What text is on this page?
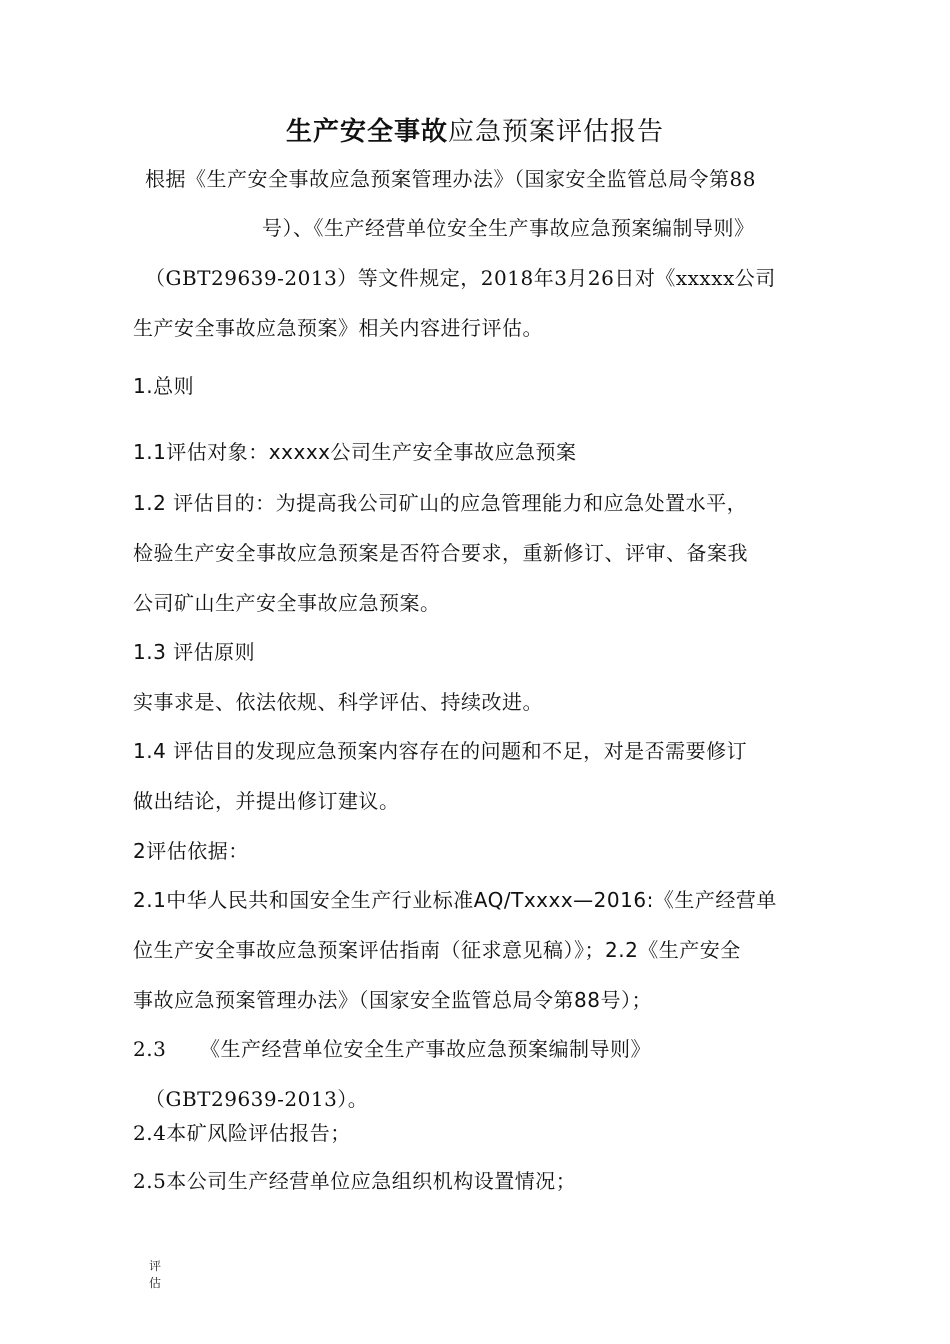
生产安全事故应急预案评估报告
根据《生产安全事故应急预案管理办法》（国家安全监管总局令第88
号）、《生产经营单位安全生产事故应急预案编制导则》
（GBT29639-2013）等文件规定，2018年3月26日对《xxxxx公司
生产安全事故应急预案》相关内容进行评估。
1.总则
1.1评估对象：xxxxx公司生产安全事故应急预案
1.2 评估目的：为提高我公司矿山的应急管理能力和应急处置水平，
检验生产安全事故应急预案是否符合要求，重新修订、评审、备案我
公司矿山生产安全事故应急预案。
1.3 评估原则
实事求是、依法依规、科学评估、持续改进。
1.4 评估目的发现应急预案内容存在的问题和不足，对是否需要修订
做出结论，并提出修订建议。
2评估依据：
2.1中华人民共和国安全生产行业标准AQ/Txxxx—2016:《生产经营单
位生产安全事故应急预案评估指南（征求意见稿）》；2.2《生产安全
事故应急预案管理办法》（国家安全监管总局令第88号）；
2.3 《生产经营单位安全生产事故应急预案编制导则》
（GBT29639-2013）。
2.4本矿风险评估报告；
2.5本公司生产经营单位应急组织机构设置情况；
评
估
